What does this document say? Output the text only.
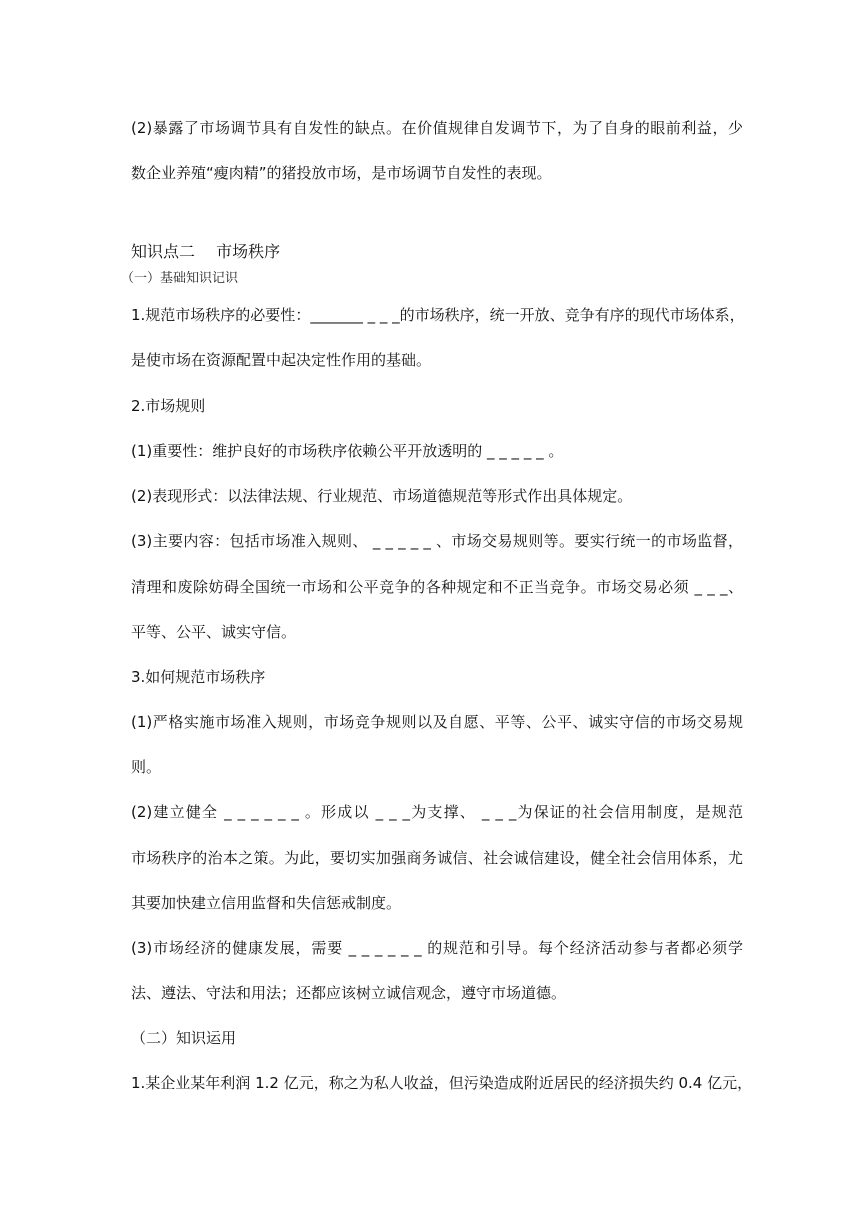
(2)暴露了市场调节具有自发性的缺点。在价值规律自发调节下，为了自身的眼前利益，少
数企业养殖“瘦肉精”的猪投放市场，是市场调节自发性的表现。
知识点二　 市场秩序
（一）基础知识记识
1.规范市场秩序的必要性：_______ _ _ _的市场秩序，统一开放、竞争有序的现代市场体系，
是使市场在资源配置中起决定性作用的基础。
2.市场规则
(1)重要性：维护良好的市场秩序依赖公平开放透明的 _ _ _ _ _ 。
(2)表现形式：以法律法规、行业规范、市场道德规范等形式作出具体规定。
(3)主要内容：包括市场准入规则、 _ _ _ _ _ 、市场交易规则等。要实行统一的市场监督，
清理和废除妨碍全国统一市场和公平竞争的各种规定和不正当竞争。市场交易必须 _ _ _、
平等、公平、诚实守信。
3.如何规范市场秩序
(1)严格实施市场准入规则，市场竞争规则以及自愿、平等、公平、诚实守信的市场交易规
则。
(2)建立健全 _ _ _ _ _ _ 。形成以 _ _ _为支撑、 _ _ _为保证的社会信用制度，是规范
市场秩序的治本之策。为此，要切实加强商务诚信、社会诚信建设，健全社会信用体系，尤
其要加快建立信用监督和失信惩戒制度。
(3)市场经济的健康发展，需要 _ _ _ _ _ _ 的规范和引导。每个经济活动参与者都必须学
法、遵法、守法和用法；还都应该树立诚信观念，遵守市场道德。
（二）知识运用
1.某企业某年利润 1.2 亿元，称之为私人收益，但污染造成附近居民的经济损失约 0.4 亿元，
